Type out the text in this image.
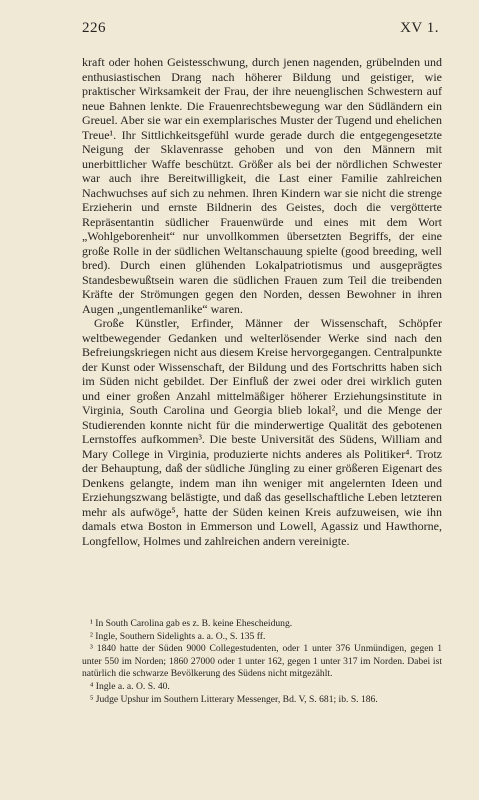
226	XV 1.

kraft oder hohen Geistesschwung, durch jenen nagenden, grübelnden und enthusiastischen Drang nach höherer Bildung und geistiger, wie praktischer Wirksamkeit der Frau, der ihre neuenglischen Schwestern auf neue Bahnen lenkte. Die Frauenrechtsbewegung war den Südländern ein Greuel. Aber sie war ein exemplarisches Muster der Tugend und ehelichen Treue¹. Ihr Sittlichkeitsgefühl wurde gerade durch die entgegengesetzte Neigung der Sklavenrasse gehoben und von den Männern mit unerbittlicher Waffe beschützt. Größer als bei der nördlichen Schwester war auch ihre Bereitwilligkeit, die Last einer Familie zahlreichen Nachwuchses auf sich zu nehmen. Ihren Kindern war sie nicht die strenge Erzieherin und ernste Bildnerin des Geistes, doch die vergötterte Repräsentantin südlicher Frauenwürde und eines mit dem Wort „Wohlgeborenheit“ nur unvollkommen übersetzten Begriffs, der eine große Rolle in der südlichen Weltanschauung spielte (good breeding, well bred). Durch einen glühenden Lokalpatriotismus und ausgeprägtes Standesbewußtsein waren die südlichen Frauen zum Teil die treibenden Kräfte der Strömungen gegen den Norden, dessen Bewohner in ihren Augen „ungentlemanlike“ waren.

Große Künstler, Erfinder, Männer der Wissenschaft, Schöpfer weltbewegender Gedanken und welterlösender Werke sind nach den Befreiungskriegen nicht aus diesem Kreise hervorgegangen. Centralpunkte der Kunst oder Wissenschaft, der Bildung und des Fortschritts haben sich im Süden nicht gebildet. Der Einfluß der zwei oder drei wirklich guten und einer großen Anzahl mittelmäßiger höherer Erziehungsinstitute in Virginia, South Carolina und Georgia blieb lokal², und die Menge der Studierenden konnte nicht für die minderwertige Qualität des gebotenen Lernstoffes aufkommen³. Die beste Universität des Südens, William and Mary College in Virginia, produzierte nichts anderes als Politiker⁴. Trotz der Behauptung, daß der südliche Jüngling zu einer größeren Eigenart des Denkens gelangte, indem man ihn weniger mit angelernten Ideen und Erziehungszwang belästigte, und daß das gesellschaftliche Leben letzteren mehr als aufwöge⁵, hatte der Süden keinen Kreis aufzuweisen, wie ihn damals etwa Boston in Emmerson und Lowell, Agassiz und Hawthorne, Longfellow, Holmes und zahlreichen andern vereinigte.

¹ In South Carolina gab es z. B. keine Ehescheidung.

² Ingle, Southern Sidelights a. a. O., S. 135 ff.

³ 1840 hatte der Süden 9000 Collegestudenten, oder 1 unter 376 Unmündigen, gegen 1 unter 550 im Norden; 1860 27000 oder 1 unter 162, gegen 1 unter 317 im Norden. Dabei ist natürlich die schwarze Bevölkerung des Südens nicht mitgezählt.

⁴ Ingle a. a. O. S. 40.

⁵ Judge Upshur im Southern Litterary Messenger, Bd. V, S. 681; ib. S. 186.
